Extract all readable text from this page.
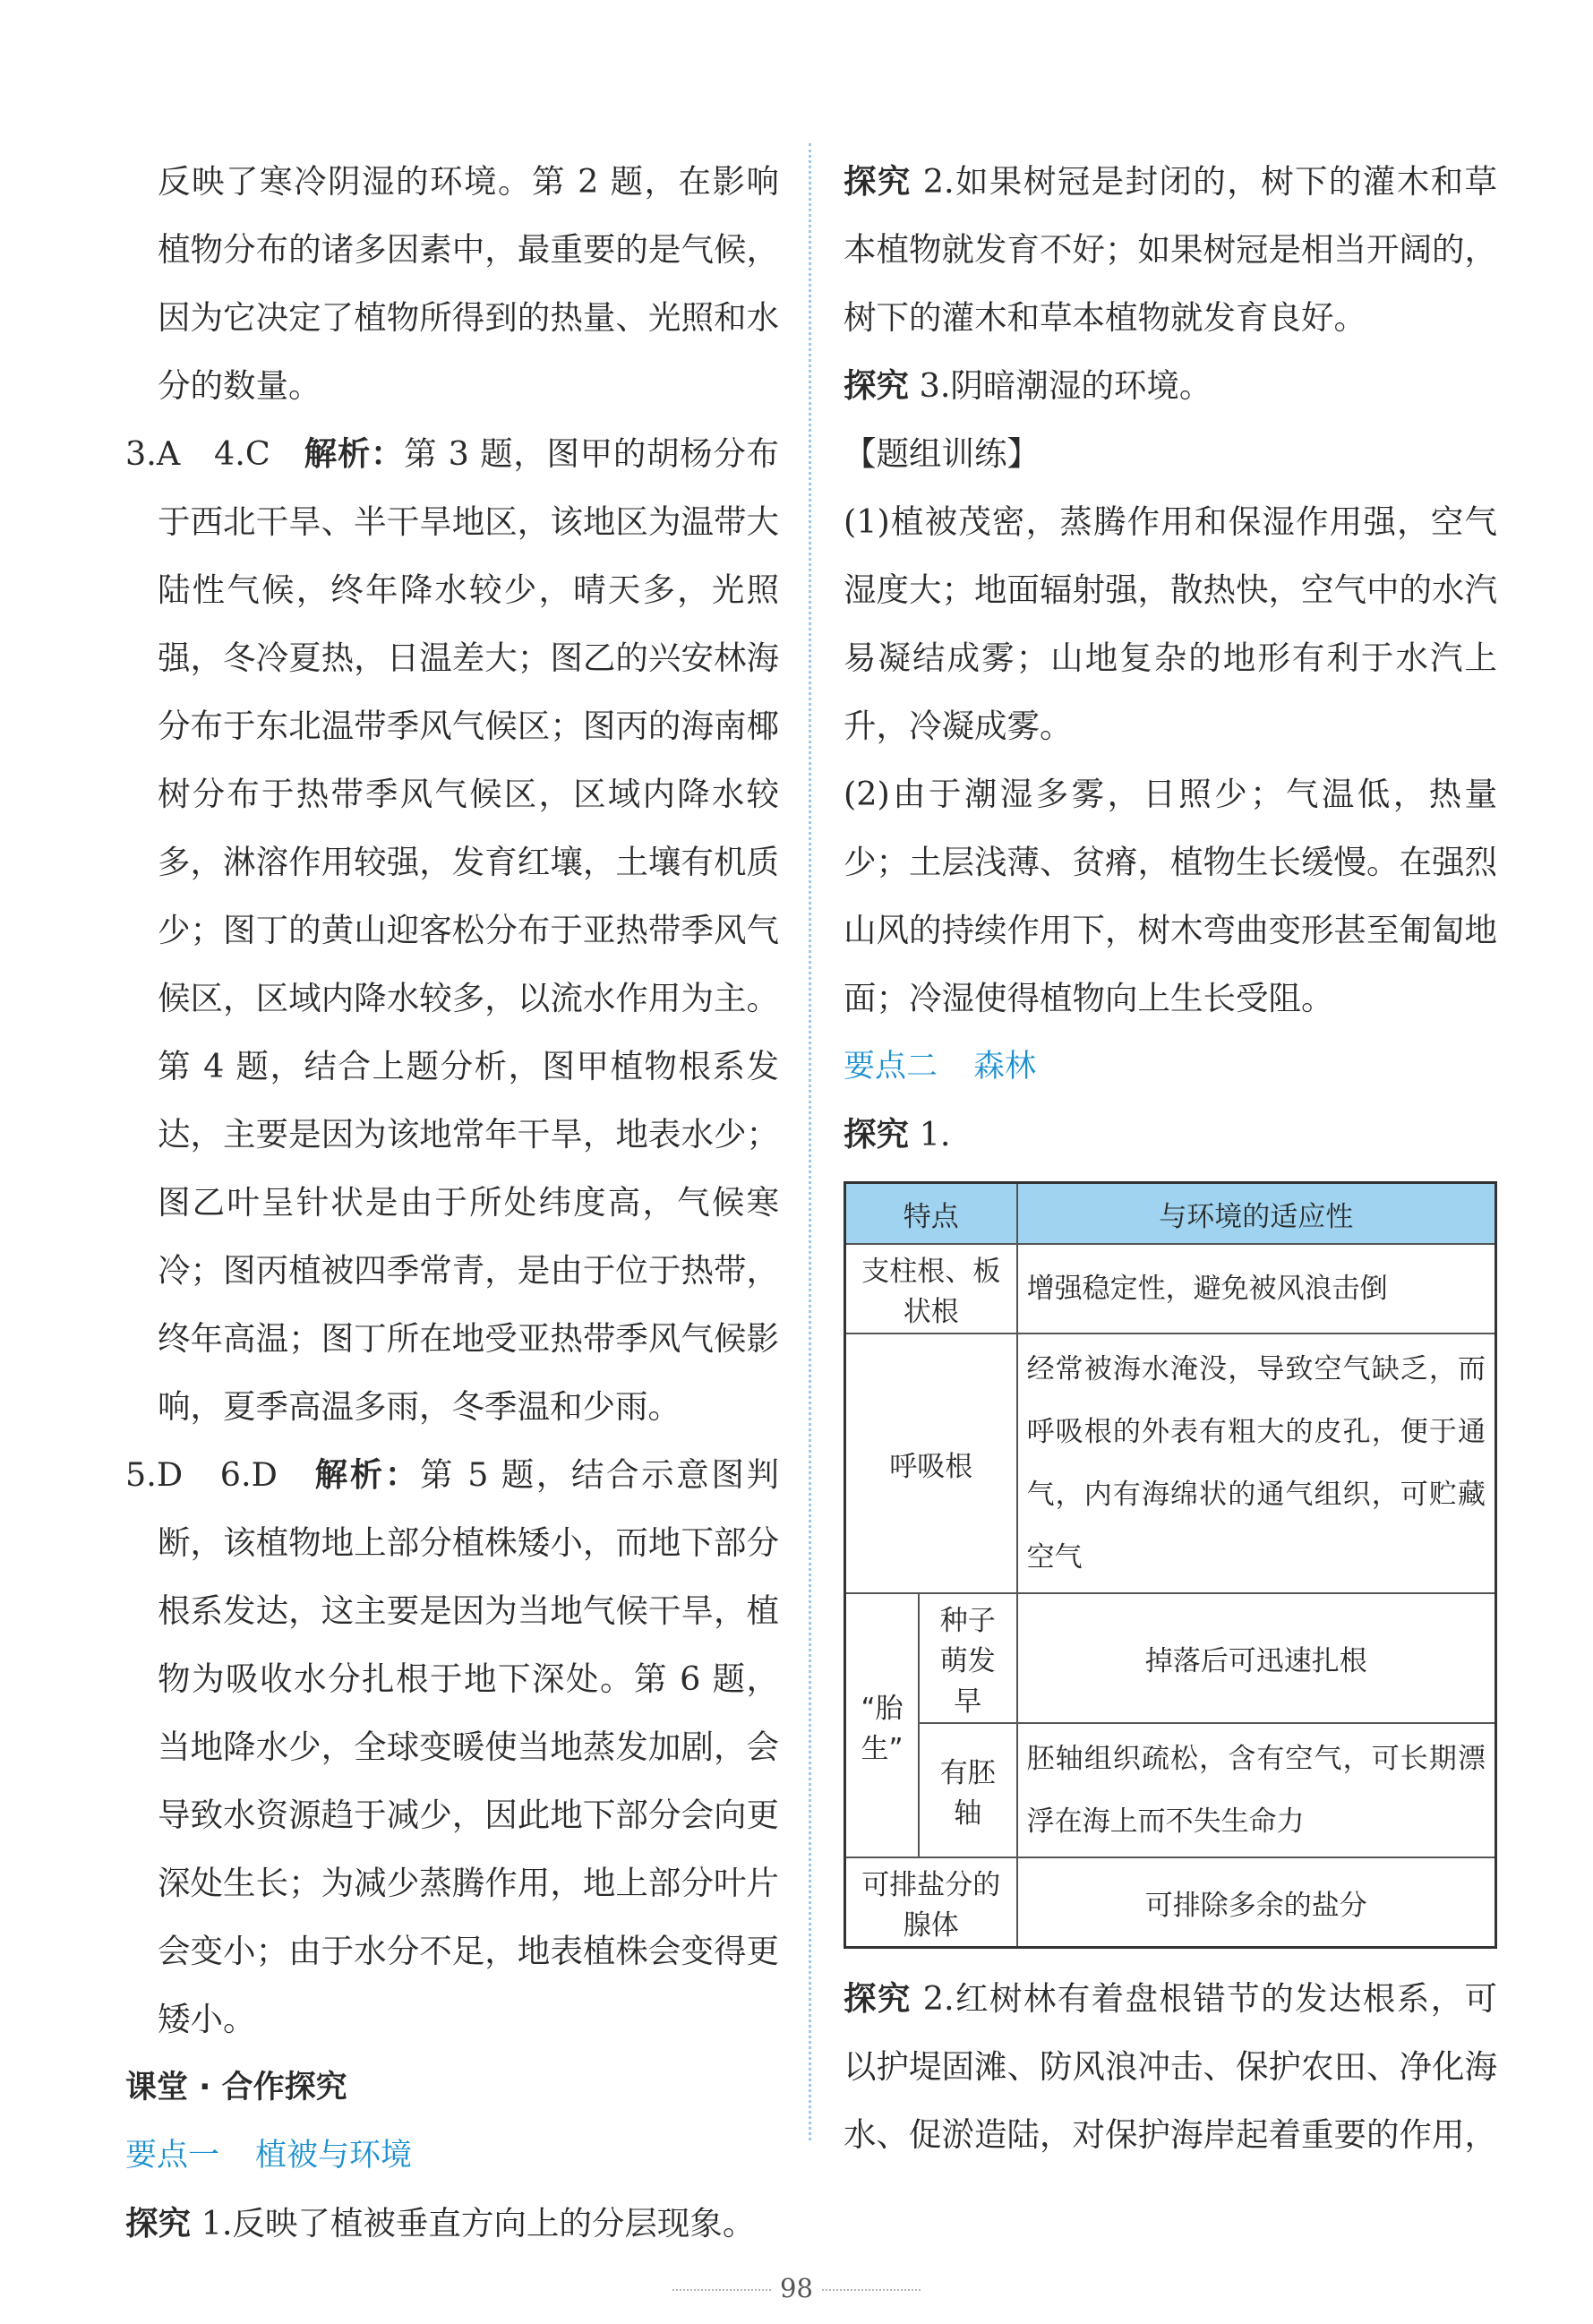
反映了寒冷阴湿的环境。第 2 题，在影响植物分布的诸多因素中，最重要的是气候，因为它决定了植物所得到的热量、光照和水分的数量。

3.A　4.C　解析：第 3 题，图甲的胡杨分布于西北干旱、半干旱地区，该地区为温带大陆性气候，终年降水较少，晴天多，光照强，冬冷夏热，日温差大；图乙的兴安林海分布于东北温带季风气候区；图丙的海南椰树分布于热带季风气候区，区域内降水较多，淋溶作用较强，发育红壤，土壤有机质少；图丁的黄山迎客松分布于亚热带季风气候区，区域内降水较多，以流水作用为主。第 4 题，结合上题分析，图甲植物根系发达，主要是因为该地常年干旱，地表水少；图乙叶呈针状是由于所处纬度高，气候寒冷；图丙植被四季常青，是由于位于热带，终年高温；图丁所在地受亚热带季风气候影响，夏季高温多雨，冬季温和少雨。

5.D　6.D　解析：第 5 题，结合示意图判断，该植物地上部分植株矮小，而地下部分根系发达，这主要是因为当地气候干旱，植物为吸收水分扎根于地下深处。第 6 题，当地降水少，全球变暖使当地蒸发加剧，会导致水资源趋于减少，因此地下部分会向更深处生长；为减少蒸腾作用，地上部分叶片会变小；由于水分不足，地表植株会变得更矮小。

课堂 · 合作探究
要点一 植被与环境

探究 1.反映了植被垂直方向上的分层现象。

探究 2.如果树冠是封闭的，树下的灌木和草本植物就发育不好；如果树冠是相当开阔的，树下的灌木和草本植物就发育良好。

探究 3.阴暗潮湿的环境。

【题组训练】

(1)植被茂密，蒸腾作用和保湿作用强，空气湿度大；地面辐射强，散热快，空气中的水汽易凝结成雾；山地复杂的地形有利于水汽上升，冷凝成雾。

(2)由于潮湿多雾，日照少；气温低，热量少；土层浅薄、贫瘠，植物生长缓慢。在强烈山风的持续作用下，树木弯曲变形甚至匍匐地面；冷湿使得植物向上生长受阻。

要点二 森林

探究 1.

特点		与环境的适应性
支柱根、板状根		增强稳定性，避免被风浪击倒
呼吸根		经常被海水淹没，导致空气缺乏，而呼吸根的外表有粗大的皮孔，便于通气，内有海绵状的通气组织，可贮藏空气
“胎生”	种子萌发早	掉落后可迅速扎根
	有胚轴	胚轴组织疏松，含有空气，可长期漂浮在海上而不失生命力
可排盐分的腺体		可排除多余的盐分

探究 2.红树林有着盘根错节的发达根系，可以护堤固滩、防风浪冲击、保护农田、净化海水、促淤造陆，对保护海岸起着重要的作用，

98
